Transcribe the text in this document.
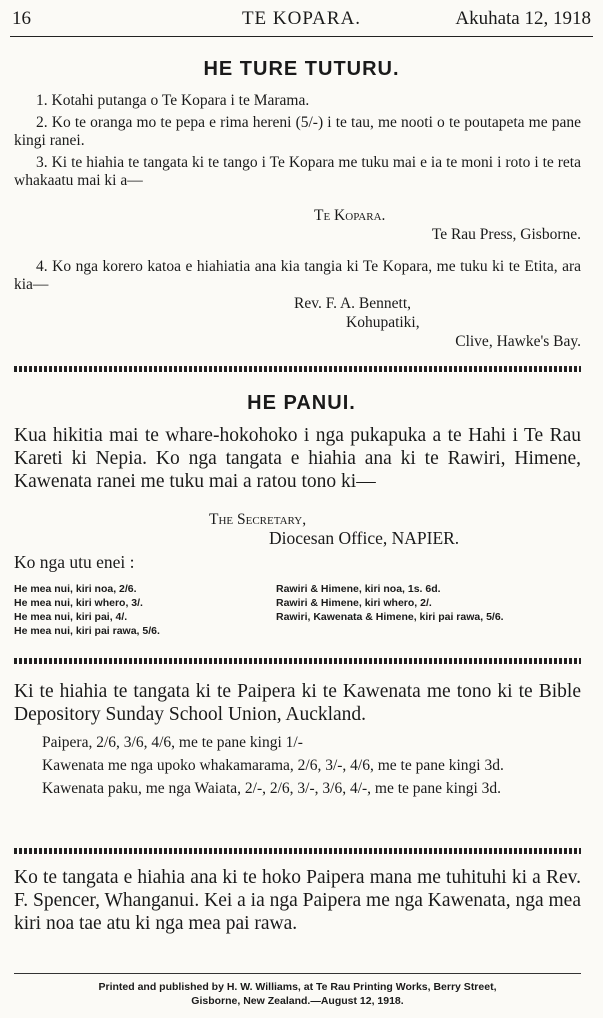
16	TE KOPARA.	Akuhata 12, 1918
HE TURE TUTURU.

1. Kotahi putanga o Te Kopara i te Marama.

2. Ko te oranga mo te pepa e rima hereni (5/-) i te tau, me nooti o te poutapeta me pane kingi ranei.

3. Ki te hiahia te tangata ki te tango i Te Kopara me tuku mai e ia te moni i roto i te reta whakaatu mai ki a—

Te Kopara.
Te Rau Press, Gisborne.

4. Ko nga korero katoa e hiahiatia ana kia tangia ki Te Kopara, me tuku ki te Etita, ara kia—

Rev. F. A. Bennett,
Kohupatiki,
Clive, Hawke's Bay.
HE PANUI.

Kua hikitia mai te whare-hokohoko i nga pukapuka a te Hahi i Te Rau Kareti ki Nepia. Ko nga tangata e hiahia ana ki te Rawiri, Himene, Kawenata ranei me tuku mai a ratou tono ki—

The Secretary,
Diocesan Office, NAPIER.
Ko nga utu enei :
He mea nui, kiri noa, 2/6.
He mea nui, kiri whero, 3/.
He mea nui, kiri pai, 4/.
He mea nui, kiri pai rawa, 5/6.
Rawiri & Himene, kiri noa, 1s. 6d.
Rawiri & Himene, kiri whero, 2/.
Rawiri, Kawenata & Himene, kiri pai rawa, 5/6.

Ki te hiahia te tangata ki te Paipera ki te Kawenata me tono ki te Bible Depository Sunday School Union, Auckland.

Paipera, 2/6, 3/6, 4/6, me te pane kingi 1/-

Kawenata me nga upoko whakamarama, 2/6, 3/-, 4/6, me te pane kingi 3d.

Kawenata paku, me nga Waiata, 2/-, 2/6, 3/-, 3/6, 4/-, me te pane kingi 3d.

Ko te tangata e hiahia ana ki te hoko Paipera mana me tuhituhi ki a Rev. F. Spencer, Whanganui. Kei a ia nga Paipera me nga Kawenata, nga mea kiri noa tae atu ki nga mea pai rawa.

Printed and published by H. W. Williams, at Te Rau Printing Works, Berry Street,
Gisborne, New Zealand.—August 12, 1918.
